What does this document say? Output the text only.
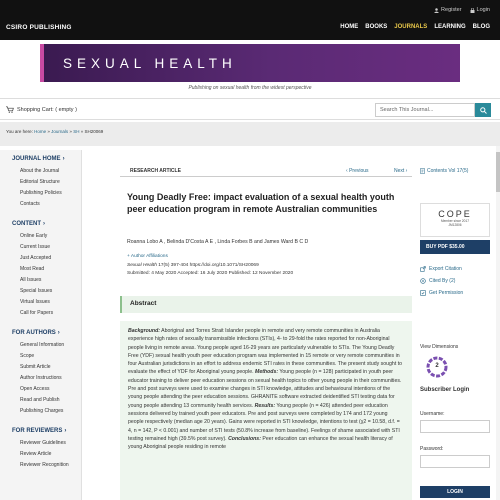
Register	Login
CSIRO PUBLISHING	HOME BOOKS JOURNALS LEARNING BLOG
SEXUAL HEALTH
Publishing on sexual health from the widest perspective
Shopping Cart: ( empty )	Search This Journal...
You are here: Home » Journals » SH » SH20069
JOURNAL HOME ›
About the Journal
Editorial Structure
Publishing Policies
Contacts
CONTENT ›
Online Early
Current Issue
Just Accepted
Most Read
All Issues
Special Issues
Virtual Issues
Call for Papers
FOR AUTHORS ›
General Information
Scope
Submit Article
Author Instructions
Open Access
Read and Publish
Publishing Charges
FOR REVIEWERS ›
Reviewer Guidelines
Review Article
Reviewer Recognition
RESEARCH ARTICLE	‹ Previous	Next ›
Young Deadly Free: impact evaluation of a sexual health youth peer education program in remote Australian communities
Roanna Lobo A , Belinda D'Costa A E , Linda Forbes B and James Ward B C D
+ Author Affiliations
Sexual Health 17(5) 397-404 https://doi.org/10.1071/SH20069
Submitted: 4 May 2020 Accepted: 16 July 2020 Published: 12 November 2020
Abstract
Background: Aboriginal and Torres Strait Islander people in remote and very remote communities in Australia experience high rates of sexually transmissible infections (STIs), 4- to 29-fold the rates reported for non-Aboriginal people living in remote areas. Young people aged 16-29 years are particularly vulnerable to STIs. The Young Deadly Free (YDF) sexual health youth peer education program was implemented in 15 remote or very remote communities in four Australian jurisdictions in an effort to address endemic STI rates in these communities. The present study sought to evaluate the effect of YDF for Aboriginal young people. Methods: Young people (n = 128) participated in youth peer educator training to deliver peer education sessions on sexual health topics to other young people in their communities. Pre and post surveys were used to examine changes in STI knowledge, attitudes and behavioural intentions of the young people attending the peer education sessions. GHRANITE software extracted deidentified STI testing data for young people attending 13 community health services. Results: Young people (n = 426) attended peer education sessions delivered by trained youth peer educators. Pre and post surveys were completed by 174 and 172 young people respectively (median age 20 years). Gains were reported in STI knowledge, intentions to test (χ2 = 10.58, d.f. = 4, n = 142, P < 0.001) and number of STI tests (50.8% increase from baseline). Feelings of shame associated with STI testing remained high (39.5% post survey). Conclusions: Peer education can enhance the sexual health literacy of young Aboriginal people residing in remote
Contents Vol 17(5)
COPE
Member since 2017
JM12806
BUY PDF $35.00
Export Citation
Cited By (2)
Get Permission
View Dimensions
2
Subscriber Login
Username:
Password:
LOGIN
